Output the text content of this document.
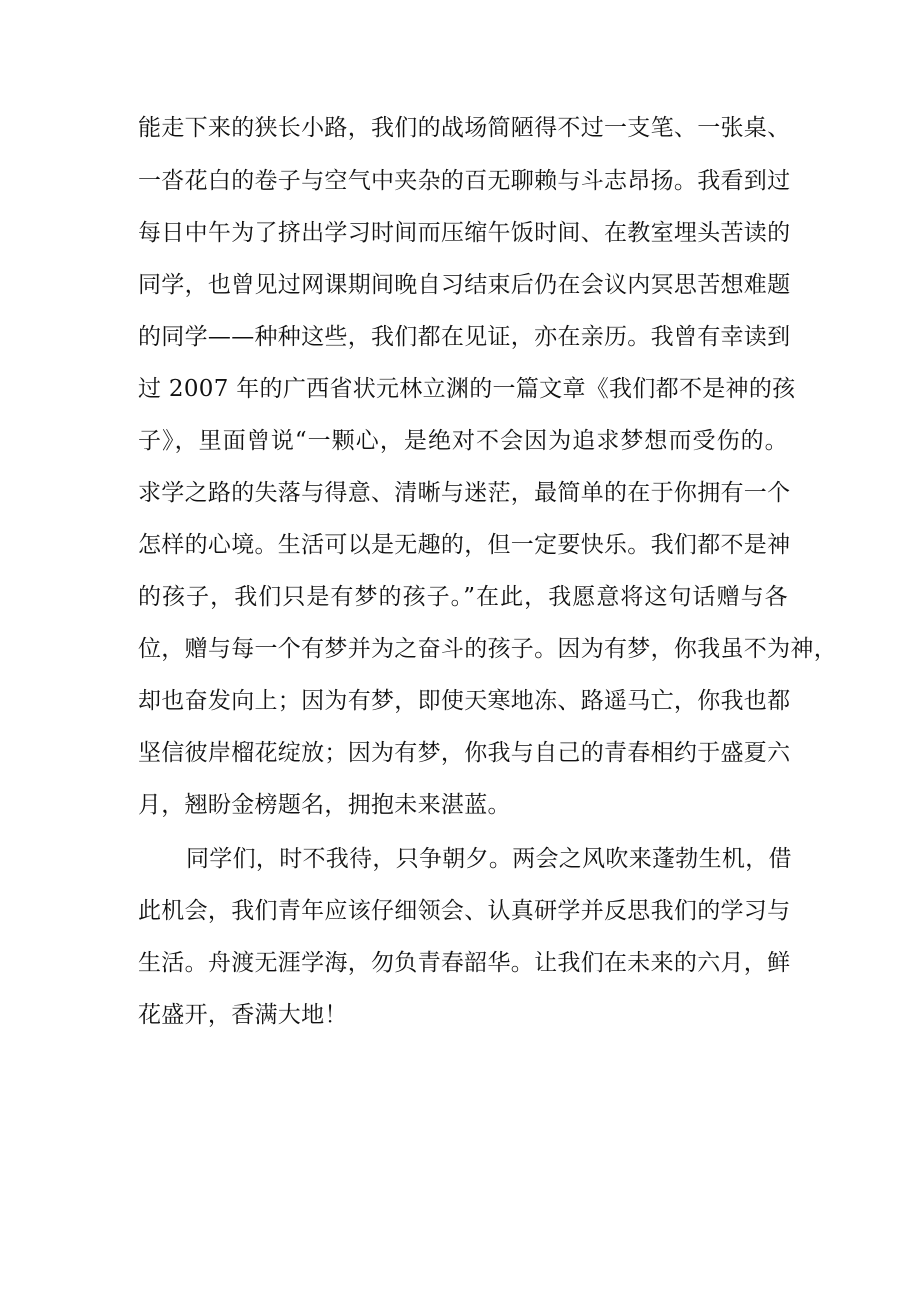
能走下来的狭长小路，我们的战场简陋得不过一支笔、一张桌、
一沓花白的卷子与空气中夹杂的百无聊赖与斗志昂扬。我看到过
每日中午为了挤出学习时间而压缩午饭时间、在教室埋头苦读的
同学，也曾见过网课期间晚自习结束后仍在会议内冥思苦想难题
的同学——种种这些，我们都在见证，亦在亲历。我曾有幸读到
过 2007 年的广西省状元林立渊的一篇文章《我们都不是神的孩
子》，里面曾说“一颗心，是绝对不会因为追求梦想而受伤的。
求学之路的失落与得意、清晰与迷茫，最简单的在于你拥有一个
怎样的心境。生活可以是无趣的，但一定要快乐。我们都不是神
的孩子，我们只是有梦的孩子。”在此，我愿意将这句话赠与各
位，赠与每一个有梦并为之奋斗的孩子。因为有梦，你我虽不为神，
却也奋发向上；因为有梦，即使天寒地冻、路遥马亡，你我也都
坚信彼岸榴花绽放；因为有梦，你我与自己的青春相约于盛夏六
月，翘盼金榜题名，拥抱未来湛蓝。
同学们，时不我待，只争朝夕。两会之风吹来蓬勃生机，借
此机会，我们青年应该仔细领会、认真研学并反思我们的学习与
生活。舟渡无涯学海，勿负青春韶华。让我们在未来的六月，鲜
花盛开，香满大地！
